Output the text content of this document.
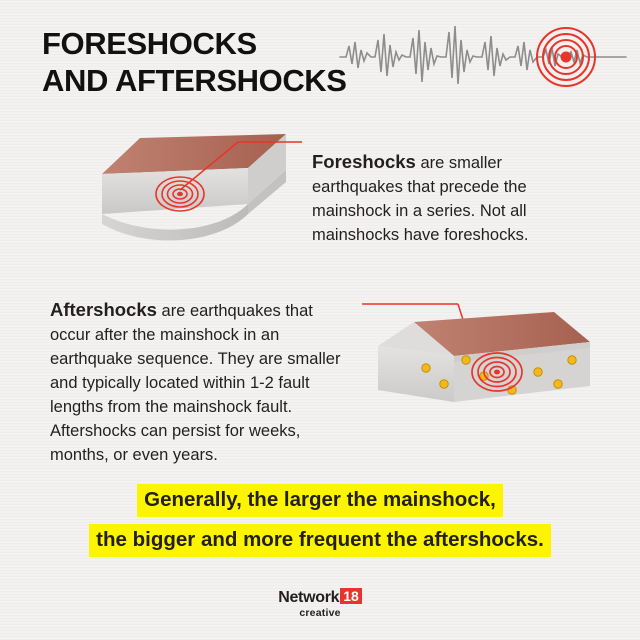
FORESHOCKS
AND AFTERSHOCKS
Foreshocks are smaller earthquakes that precede the mainshock in a series. Not all mainshocks have foreshocks.
Aftershocks are earthquakes that occur after the mainshock in an earthquake sequence. They are smaller and typically located within 1-2 fault lengths from the mainshock fault. Aftershocks can persist for weeks, months, or even years.
Generally, the larger the mainshock,
the bigger and more frequent the aftershocks.
Network 18
creative
